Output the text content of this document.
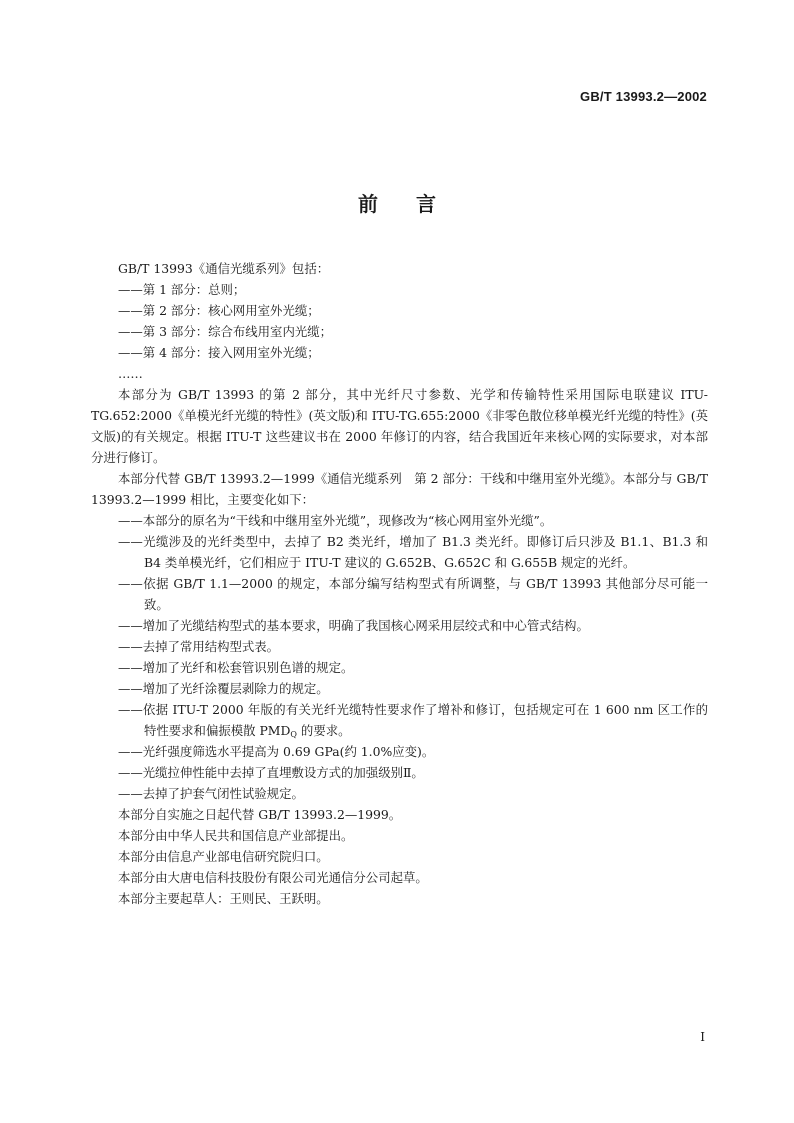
GB/T 13993.2—2002
前言

GB/T 13993《通信光缆系列》包括：

——第 1 部分：总则；

——第 2 部分：核心网用室外光缆；

——第 3 部分：综合布线用室内光缆；

——第 4 部分：接入网用室外光缆；

……

本部分为 GB/T 13993 的第 2 部分，其中光纤尺寸参数、光学和传输特性采用国际电联建议 ITU-TG.652:2000《单模光纤光缆的特性》(英文版)和 ITU-TG.655:2000《非零色散位移单模光纤光缆的特性》(英文版)的有关规定。根据 ITU-T 这些建议书在 2000 年修订的内容，结合我国近年来核心网的实际要求，对本部分进行修订。

本部分代替 GB/T 13993.2—1999《通信光缆系列　第 2 部分：干线和中继用室外光缆》。本部分与 GB/T 13993.2—1999 相比，主要变化如下：

——本部分的原名为“干线和中继用室外光缆”，现修改为“核心网用室外光缆”。

——光缆涉及的光纤类型中，去掉了 B2 类光纤，增加了 B1.3 类光纤。即修订后只涉及 B1.1、B1.3 和 B4 类单模光纤，它们相应于 ITU-T 建议的 G.652B、G.652C 和 G.655B 规定的光纤。

——依据 GB/T 1.1—2000 的规定，本部分编写结构型式有所调整，与 GB/T 13993 其他部分尽可能一致。

——增加了光缆结构型式的基本要求，明确了我国核心网采用层绞式和中心管式结构。

——去掉了常用结构型式表。

——增加了光纤和松套管识别色谱的规定。

——增加了光纤涂覆层剥除力的规定。

——依据 ITU-T 2000 年版的有关光纤光缆特性要求作了增补和修订，包括规定可在 1 600 nm 区工作的特性要求和偏振模散 $PMD_Q$ 的要求。

——光纤强度筛选水平提高为 0.69 GPa(约 1.0%应变)。

——光缆拉伸性能中去掉了直埋敷设方式的加强级别Ⅱ。

——去掉了护套气闭性试验规定。

本部分自实施之日起代替 GB/T 13993.2—1999。

本部分由中华人民共和国信息产业部提出。

本部分由信息产业部电信研究院归口。

本部分由大唐电信科技股份有限公司光通信分公司起草。

本部分主要起草人：王则民、王跃明。

I
